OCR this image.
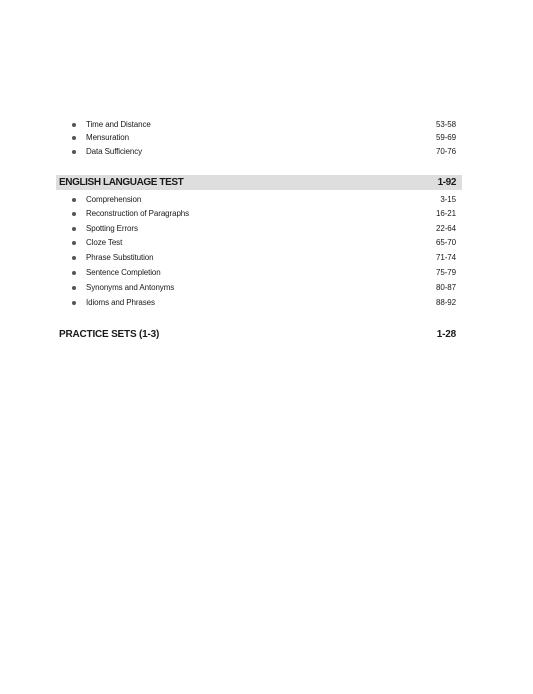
Time and Distance	53-58
Mensuration	59-69
Data Sufficiency	70-76
ENGLISH LANGUAGE TEST	1-92
Comprehension	3-15
Reconstruction of Paragraphs	16-21
Spotting Errors	22-64
Cloze Test	65-70
Phrase Substitution	71-74
Sentence Completion	75-79
Synonyms and Antonyms	80-87
Idioms and Phrases	88-92
PRACTICE SETS (1-3)	1-28
